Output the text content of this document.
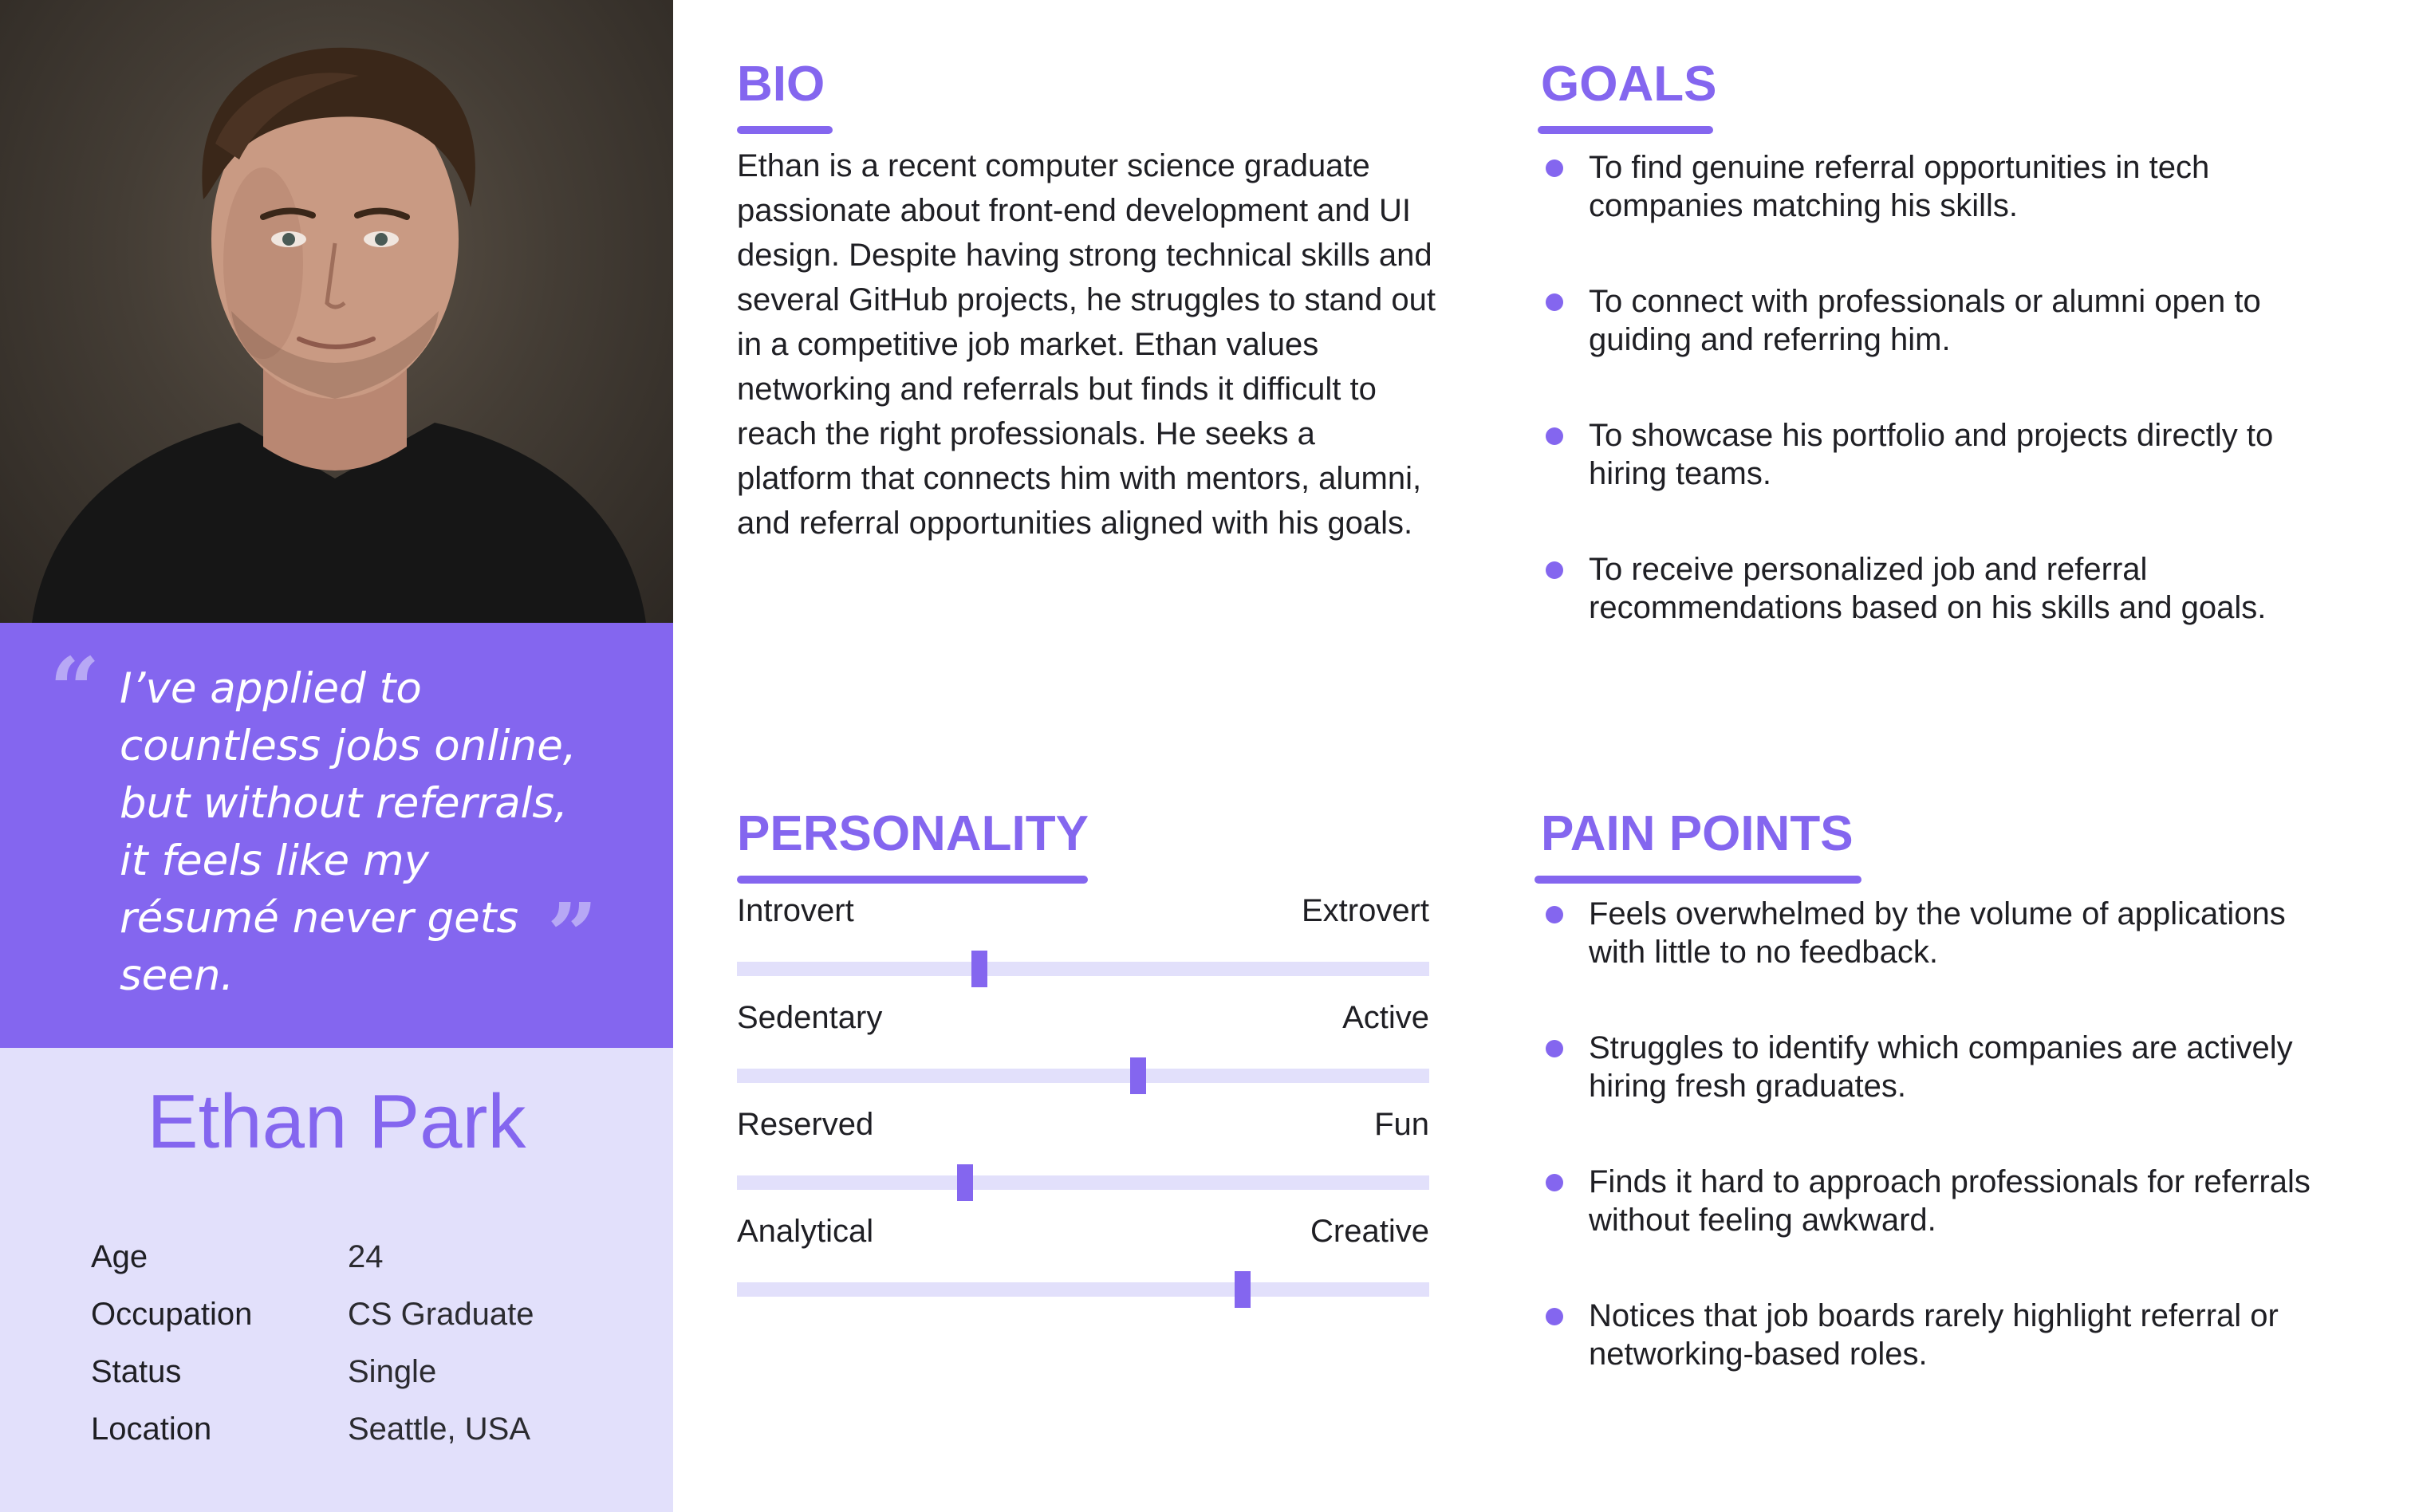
“ I’ve applied to countless jobs online, but without referrals, it feels like my résumé never gets seen.	”
Ethan Park
Age	24
Occupation	CS Graduate
Status	Single
Location	Seattle, USA
BIO
Ethan is a recent computer science graduate passionate about front-end development and UI design. Despite having strong technical skills and several GitHub projects, he struggles to stand out in a competitive job market. Ethan values networking and referrals but finds it difficult to reach the right professionals. He seeks a platform that connects him with mentors, alumni, and referral opportunities aligned with his goals.
GOALS
To find genuine referral opportunities in tech companies matching his skills.
To connect with professionals or alumni open to guiding and referring him.
To showcase his portfolio and projects directly to hiring teams.
To receive personalized job and referral recommendations based on his skills and goals.
PERSONALITY
Introvert	Extrovert
Sedentary	Active
Reserved	Fun
Analytical	Creative
PAIN POINTS
Feels overwhelmed by the volume of applications with little to no feedback.
Struggles to identify which companies are actively hiring fresh graduates.
Finds it hard to approach professionals for referrals without feeling awkward.
Notices that job boards rarely highlight referral or networking-based roles.
